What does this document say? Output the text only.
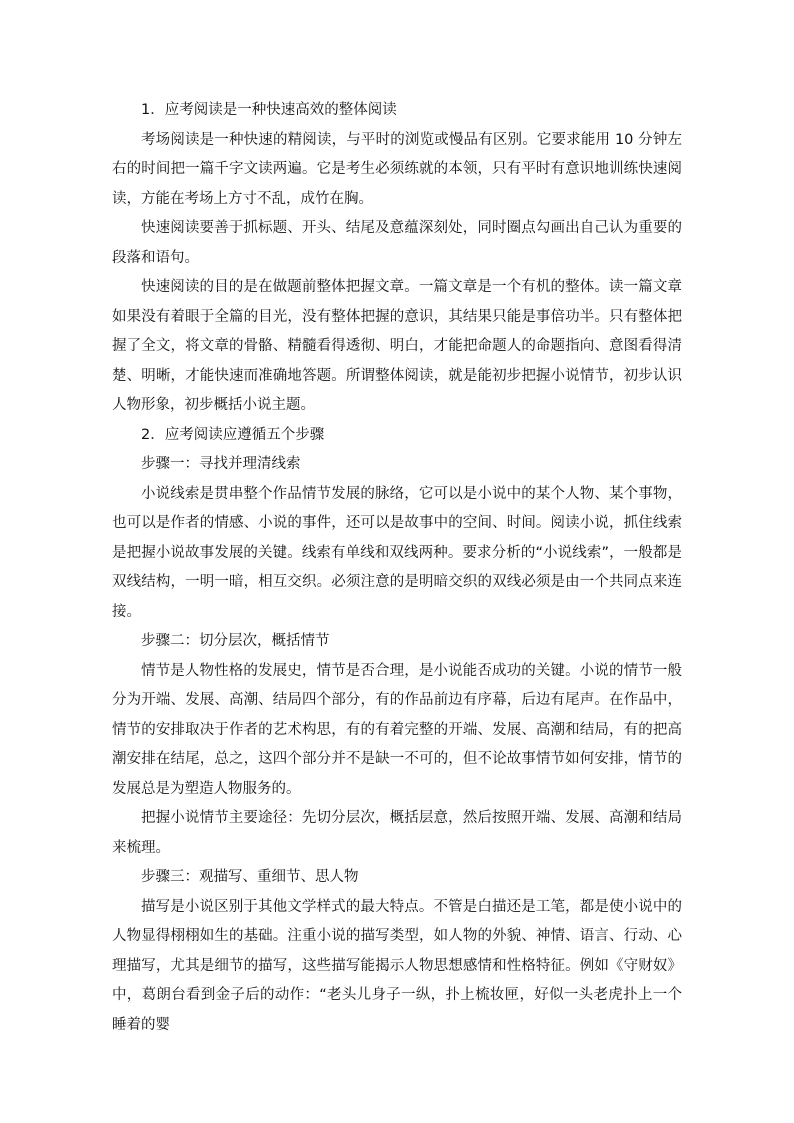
1．应考阅读是一种快速高效的整体阅读

考场阅读是一种快速的精阅读，与平时的浏览或慢品有区别。它要求能用 10 分钟左右的时间把一篇千字文读两遍。它是考生必须练就的本领，只有平时有意识地训练快速阅读，方能在考场上方寸不乱，成竹在胸。

快速阅读要善于抓标题、开头、结尾及意蕴深刻处，同时圈点勾画出自己认为重要的段落和语句。

快速阅读的目的是在做题前整体把握文章。一篇文章是一个有机的整体。读一篇文章如果没有着眼于全篇的目光，没有整体把握的意识，其结果只能是事倍功半。只有整体把握了全文，将文章的骨骼、精髓看得透彻、明白，才能把命题人的命题指向、意图看得清楚、明晰，才能快速而准确地答题。所谓整体阅读，就是能初步把握小说情节，初步认识人物形象，初步概括小说主题。

2．应考阅读应遵循五个步骤

步骤一：寻找并理清线索

小说线索是贯串整个作品情节发展的脉络，它可以是小说中的某个人物、某个事物，也可以是作者的情感、小说的事件，还可以是故事中的空间、时间。阅读小说，抓住线索是把握小说故事发展的关键。线索有单线和双线两种。要求分析的“小说线索”，一般都是双线结构，一明一暗，相互交织。必须注意的是明暗交织的双线必须是由一个共同点来连接。

步骤二：切分层次，概括情节

情节是人物性格的发展史，情节是否合理，是小说能否成功的关键。小说的情节一般分为开端、发展、高潮、结局四个部分，有的作品前边有序幕，后边有尾声。在作品中，情节的安排取决于作者的艺术构思，有的有着完整的开端、发展、高潮和结局，有的把高潮安排在结尾，总之，这四个部分并不是缺一不可的，但不论故事情节如何安排，情节的发展总是为塑造人物服务的。

把握小说情节主要途径：先切分层次，概括层意，然后按照开端、发展、高潮和结局来梳理。

步骤三：观描写、重细节、思人物

描写是小说区别于其他文学样式的最大特点。不管是白描还是工笔，都是使小说中的人物显得栩栩如生的基础。注重小说的描写类型，如人物的外貌、神情、语言、行动、心理描写，尤其是细节的描写，这些描写能揭示人物思想感情和性格特征。例如《守财奴》中，葛朗台看到金子后的动作：“老头儿身子一纵，扑上梳妆匣，好似一头老虎扑上一个睡着的婴
